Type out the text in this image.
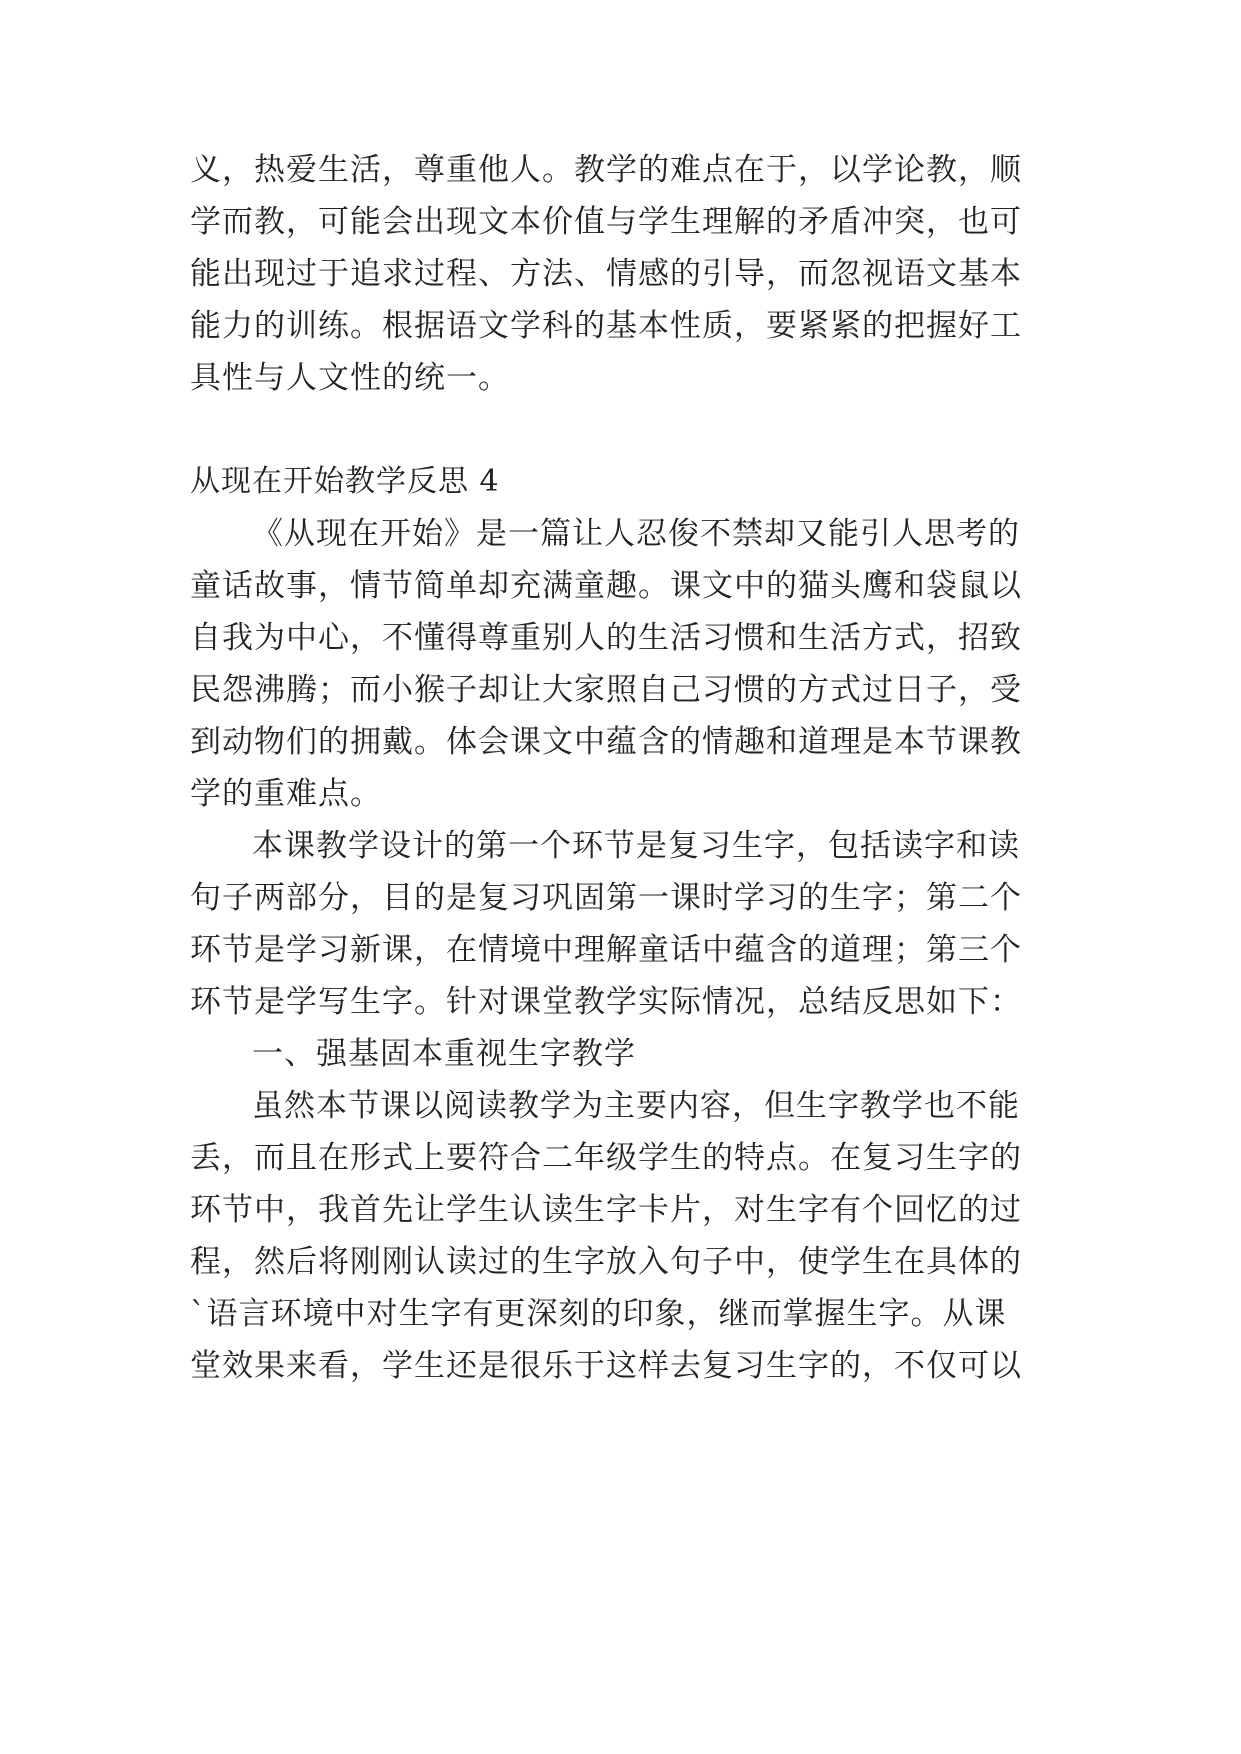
义，热爱生活，尊重他人。教学的难点在于，以学论教，顺
学而教，可能会出现文本价值与学生理解的矛盾冲突，也可
能出现过于追求过程、方法、情感的引导，而忽视语文基本
能力的训练。根据语文学科的基本性质，要紧紧的把握好工
具性与人文性的统一。
从现在开始教学反思 4
《从现在开始》是一篇让人忍俊不禁却又能引人思考的
童话故事，情节简单却充满童趣。课文中的猫头鹰和袋鼠以
自我为中心，不懂得尊重别人的生活习惯和生活方式，招致
民怨沸腾；而小猴子却让大家照自己习惯的方式过日子，受
到动物们的拥戴。体会课文中蕴含的情趣和道理是本节课教
学的重难点。
本课教学设计的第一个环节是复习生字，包括读字和读
句子两部分，目的是复习巩固第一课时学习的生字；第二个
环节是学习新课，在情境中理解童话中蕴含的道理；第三个
环节是学写生字。针对课堂教学实际情况，总结反思如下：
一、强基固本重视生字教学
虽然本节课以阅读教学为主要内容，但生字教学也不能
丢，而且在形式上要符合二年级学生的特点。在复习生字的
环节中，我首先让学生认读生字卡片，对生字有个回忆的过
程，然后将刚刚认读过的生字放入句子中，使学生在具体的
`语言环境中对生字有更深刻的印象，继而掌握生字。从课
堂效果来看，学生还是很乐于这样去复习生字的，不仅可以
